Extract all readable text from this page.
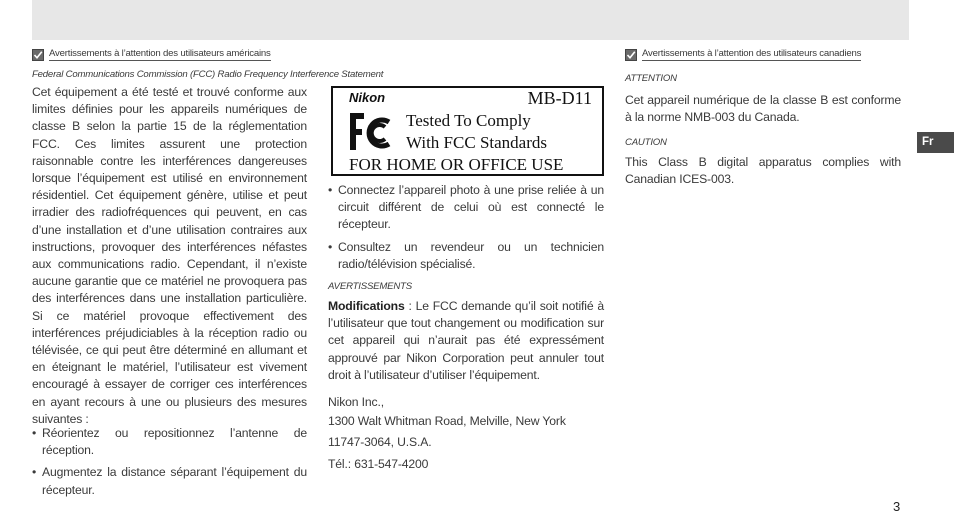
Avertissements à l’attention des utilisateurs américains
Federal Communications Commission (FCC) Radio Frequency Interference Statement
Cet équipement a été testé et trouvé conforme aux limites définies pour les appareils numériques de classe B selon la partie 15 de la réglementation FCC. Ces limites assurent une protection raisonnable contre les interférences dangereuses lorsque l’équipement est utilisé en environnement résidentiel. Cet équipement génère, utilise et peut irradier des radiofréquences qui peuvent, en cas d’une installation et d’une utilisation contraires aux instructions, provoquer des interférences néfastes aux communications radio. Cependant, il n’existe aucune garantie que ce matériel ne provoquera pas des interférences dans une installation particulière. Si ce matériel provoque effectivement des interférences préjudiciables à la réception radio ou télévisée, ce qui peut être déterminé en allumant et en éteignant le matériel, l’utilisateur est vivement encouragé à essayer de corriger ces interférences en ayant recours à une ou plusieurs des mesures suivantes :
• Réorientez ou repositionnez l’antenne de réception.
• Augmentez la distance séparant l’équipement du récepteur.
Nikon	MB-D11
Tested To Comply
With FCC Standards
FOR HOME OR OFFICE USE
• Connectez l’appareil photo à une prise reliée à un circuit différent de celui où est connecté le récepteur.
• Consultez un revendeur ou un technicien radio/télévision spécialisé.
AVERTISSEMENTS
Modifications : Le FCC demande qu’il soit notifié à l’utilisateur que tout changement ou modification sur cet appareil qui n’aurait pas été expressément approuvé par Nikon Corporation peut annuler tout droit à l’utilisateur d’utiliser l’équipement.
Nikon Inc.,
1300 Walt Whitman Road, Melville, New York
11747-3064, U.S.A.
Tél.: 631-547-4200
Avertissements à l’attention des utilisateurs canadiens
ATTENTION
Cet appareil numérique de la classe B est conforme à la norme NMB-003 du Canada.
CAUTION
This Class B digital apparatus complies with Canadian ICES-003.
Fr
3
